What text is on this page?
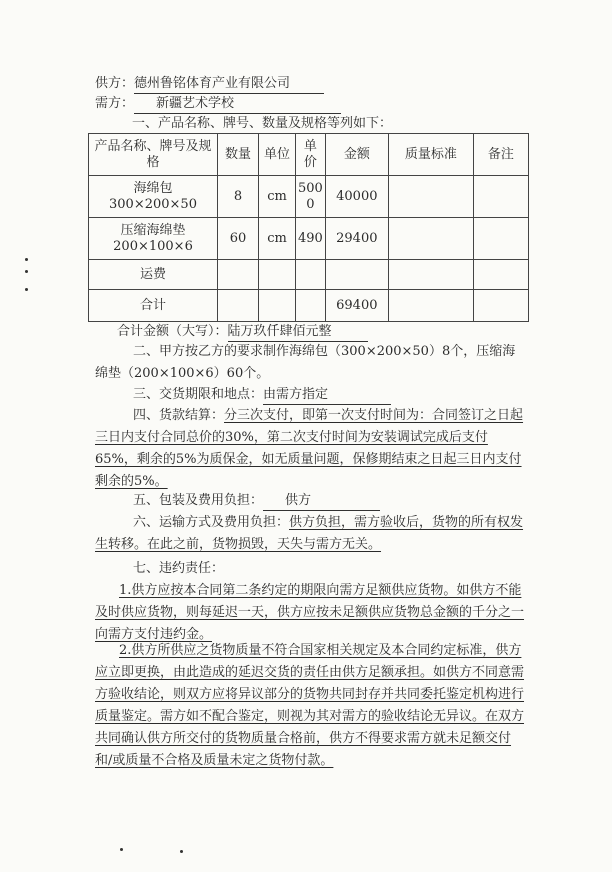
供方：德州鲁铭体育产业有限公司
需方： 新疆艺术学校
一、产品名称、牌号、数量及规格等列如下：
产品名称、牌号及规格	数量	单位	单价	金额	质量标准	备注
海绵包 300×200×50	8	cm	5000	40000		
压缩海绵垫 200×100×6	60	cm	490	29400		
运费						
合计				69400		
合计金额（大写）：陆万玖仟肆佰元整
二、甲方按乙方的要求制作海绵包（300×200×50）8个，压缩海绵垫（200×100×6）60个。
三、交货期限和地点：由需方指定
四、货款结算：分三次支付，即第一次支付时间为：合同签订之日起三日内支付合同总价的30%，第二次支付时间为安装调试完成后支付65%，剩余的5%为质保金，如无质量问题，保修期结束之日起三日内支付剩余的5%。
五、包装及费用负担： 供方
六、运输方式及费用负担：供方负担，需方验收后，货物的所有权发生转移。在此之前，货物损毁，天失与需方无关。
七、违约责任：
1.供方应按本合同第二条约定的期限向需方足额供应货物。如供方不能及时供应货物，则每延迟一天，供方应按未足额供应货物总金额的千分之一向需方支付违约金。
2.供方所供应之货物质量不符合国家相关规定及本合同约定标准，供方应立即更换，由此造成的延迟交货的责任由供方足额承担。如供方不同意需方验收结论，则双方应将异议部分的货物共同封存并共同委托鉴定机构进行质量鉴定。需方如不配合鉴定，则视为其对需方的验收结论无异议。在双方共同确认供方所交付的货物质量合格前，供方不得要求需方就未足额交付和/或质量不合格及质量未定之货物付款。
